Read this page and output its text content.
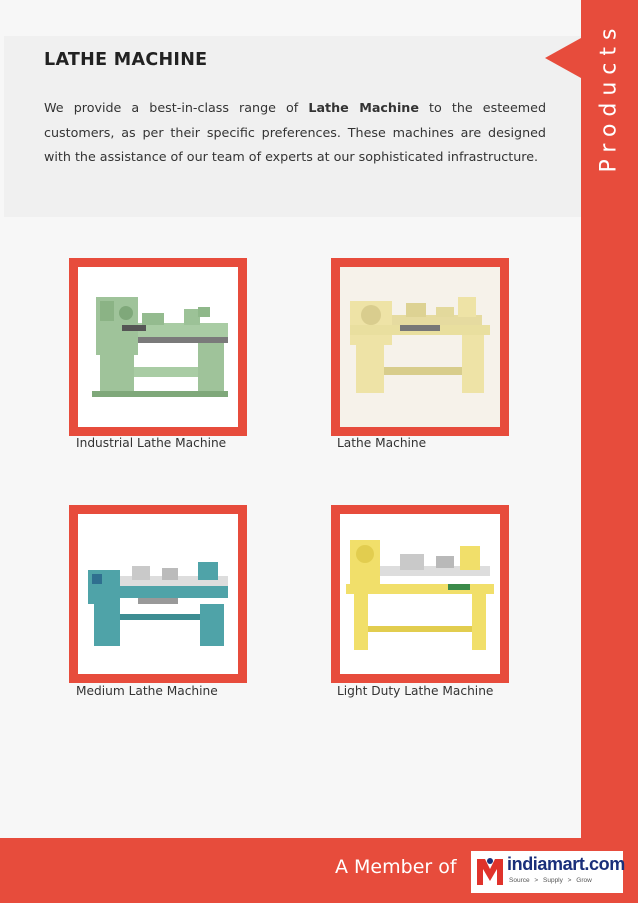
Products
LATHE MACHINE

We provide a best-in-class range of Lathe Machine to the esteemed customers, as per their specific preferences. These machines are designed with the assistance of our team of experts at our sophisticated infrastructure.

Industrial Lathe Machine	Lathe Machine
Medium Lathe Machine	Light Duty Lathe Machine
A Member of	indiamart.com
Source > Supply > Grow
